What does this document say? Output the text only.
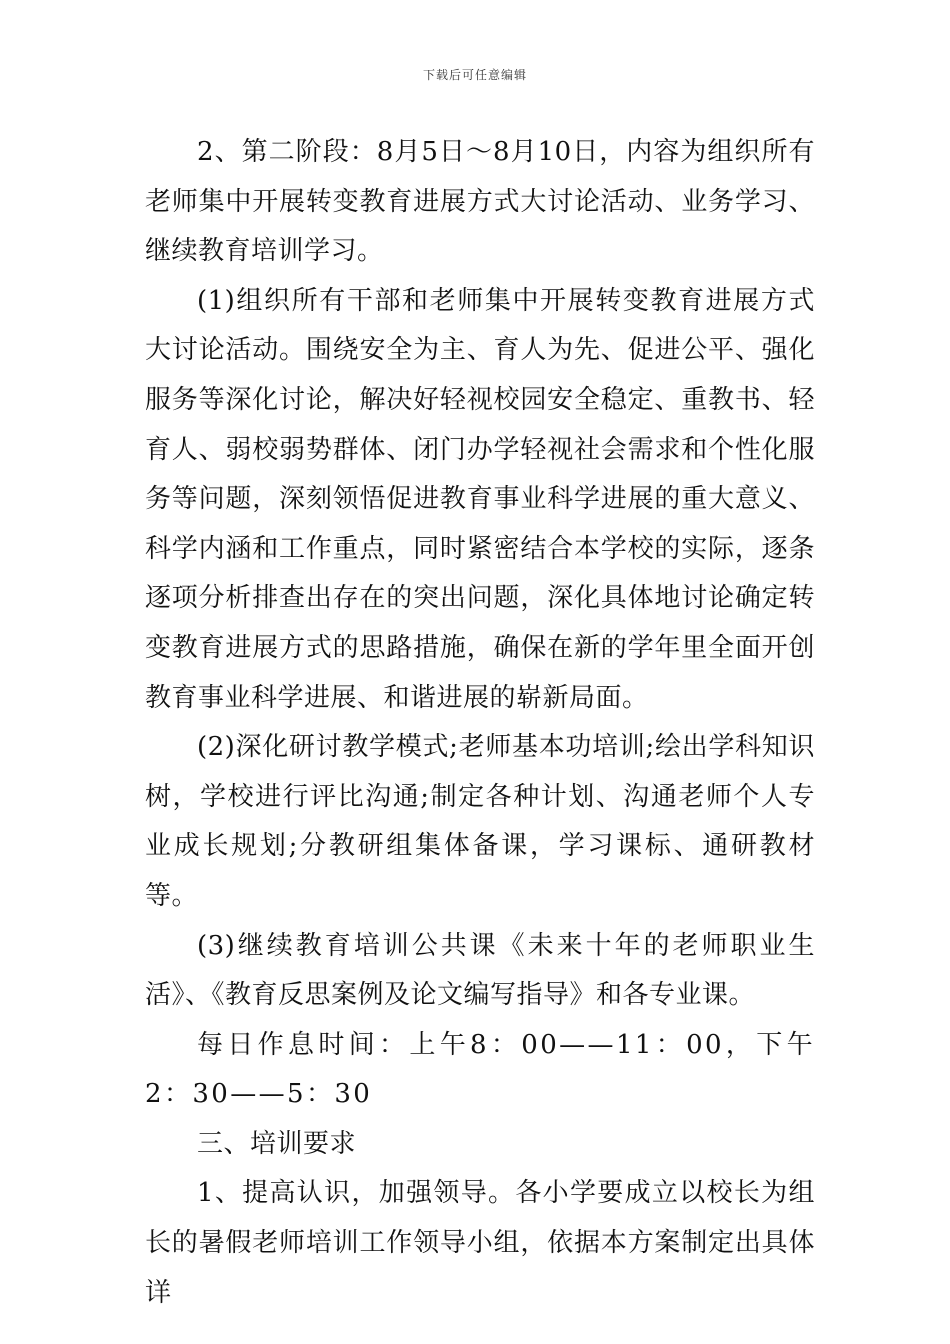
下载后可任意编辑

2、第二阶段：8月5日～8月10日，内容为组织所有老师集中开展转变教育进展方式大讨论活动、业务学习、继续教育培训学习。

(1)组织所有干部和老师集中开展转变教育进展方式大讨论活动。围绕安全为主、育人为先、促进公平、强化服务等深化讨论，解决好轻视校园安全稳定、重教书、轻育人、弱校弱势群体、闭门办学轻视社会需求和个性化服务等问题，深刻领悟促进教育事业科学进展的重大意义、科学内涵和工作重点，同时紧密结合本学校的实际，逐条逐项分析排查出存在的突出问题，深化具体地讨论确定转变教育进展方式的思路措施，确保在新的学年里全面开创教育事业科学进展、和谐进展的崭新局面。

(2)深化研讨教学模式;老师基本功培训;绘出学科知识树，学校进行评比沟通;制定各种计划、沟通老师个人专业成长规划;分教研组集体备课，学习课标、通研教材等。

(3)继续教育培训公共课《未来十年的老师职业生活》、《教育反思案例及论文编写指导》和各专业课。

每日作息时间：上午8：00——11：00，下午2：30——5：30

三、培训要求

1、提高认识，加强领导。各小学要成立以校长为组长的暑假老师培训工作领导小组，依据本方案制定出具体详
